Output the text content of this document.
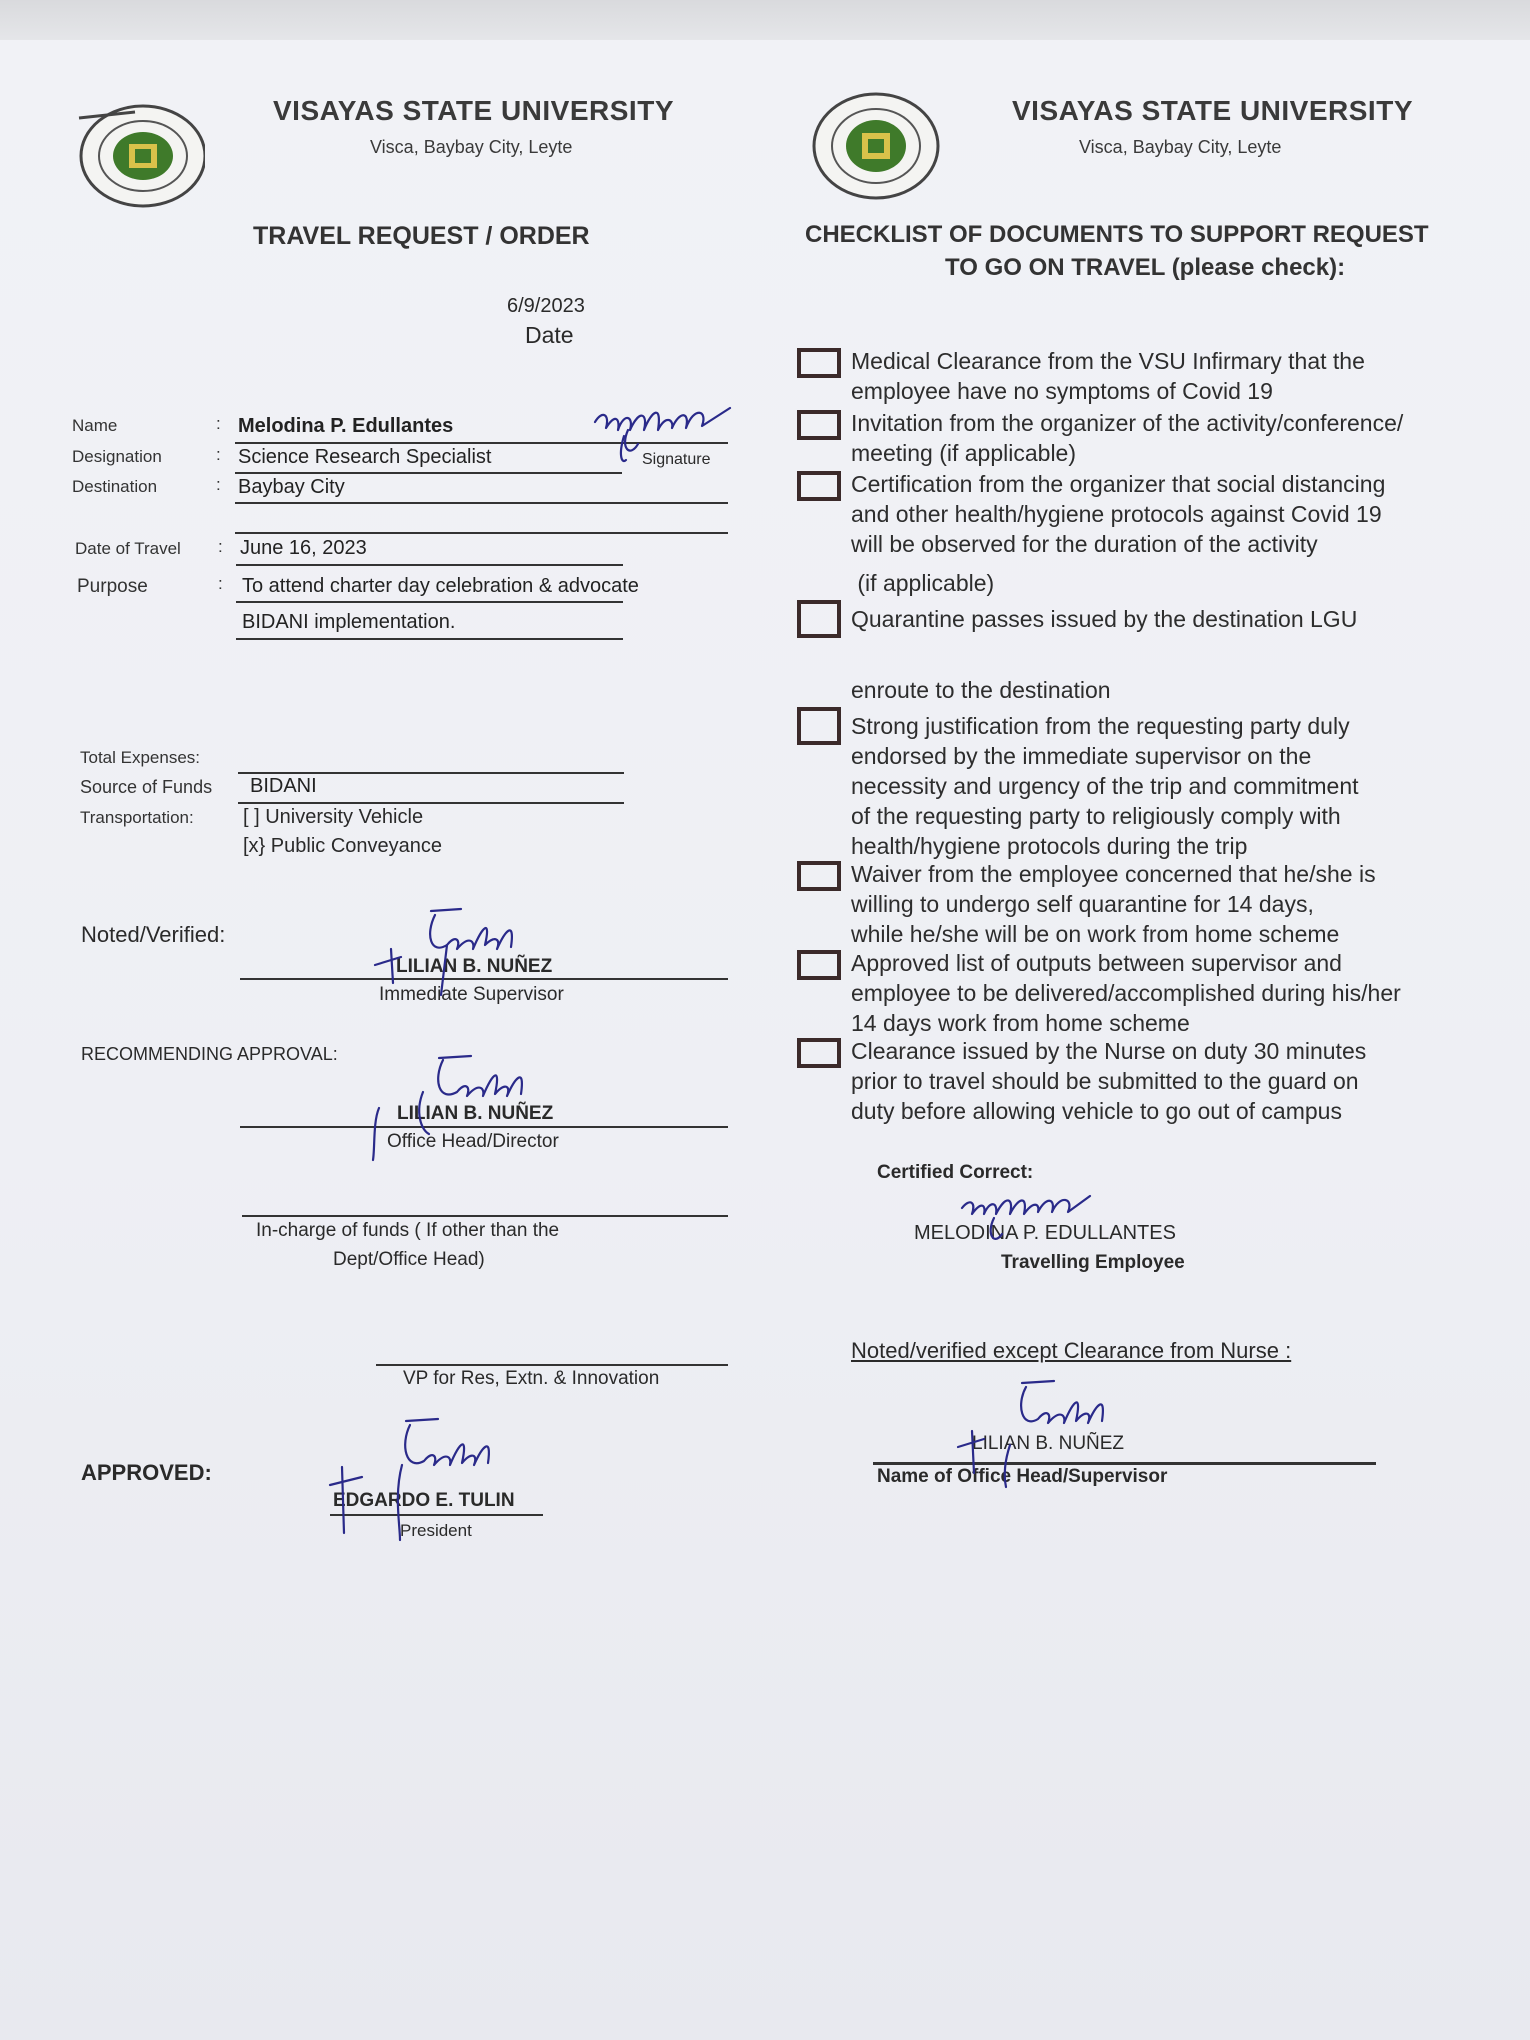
VISAYAS STATE UNIVERSITY
Visca, Baybay City, Leyte
TRAVEL REQUEST / ORDER
6/9/2023
Date
Name	: Melodina P. Edullantes
Designation	: Science Research Specialist	Signature
Destination	: Baybay City
Date of Travel : June 16, 2023
Purpose	: To attend charter day celebration & advocate
BIDANI implementation.
Total Expenses:
Source of Funds BIDANI
Transportation: [ ] University Vehicle
[x} Public Conveyance
Noted/Verified:
LILIAN B. NUÑEZ
Immediate Supervisor
RECOMMENDING APPROVAL:
LILIAN B. NUÑEZ
Office Head/Director
In-charge of funds ( If other than the
Dept/Office Head)
VP for Res, Extn. & Innovation
APPROVED:
EDGARDO E. TULIN
President
VISAYAS STATE UNIVERSITY
Visca, Baybay City, Leyte
CHECKLIST OF DOCUMENTS TO SUPPORT REQUEST
TO GO ON TRAVEL (please check):
Medical Clearance from the VSU Infirmary that the
employee have no symptoms of Covid 19
Invitation from the organizer of the activity/conference/
meeting (if applicable)
Certification from the organizer that social distancing
and other health/hygiene protocols against Covid 19
will be observed for the duration of the activity
(if applicable)
Quarantine passes issued by the destination LGU
enroute to the destination
Strong justification from the requesting party duly
endorsed by the immediate supervisor on the
necessity and urgency of the trip and commitment
of the requesting party to religiously comply with
health/hygiene protocols during the trip
Waiver from the employee concerned that he/she is
willing to undergo self quarantine for 14 days,
while he/she will be on work from home scheme
Approved list of outputs between supervisor and
employee to be delivered/accomplished during his/her
14 days work from home scheme
Clearance issued by the Nurse on duty 30 minutes
prior to travel should be submitted to the guard on
duty before allowing vehicle to go out of campus
Certified Correct:
MELODINA P. EDULLANTES
Travelling Employee
Noted/verified except Clearance from Nurse :
LILIAN B. NUÑEZ
Name of Office Head/Supervisor
